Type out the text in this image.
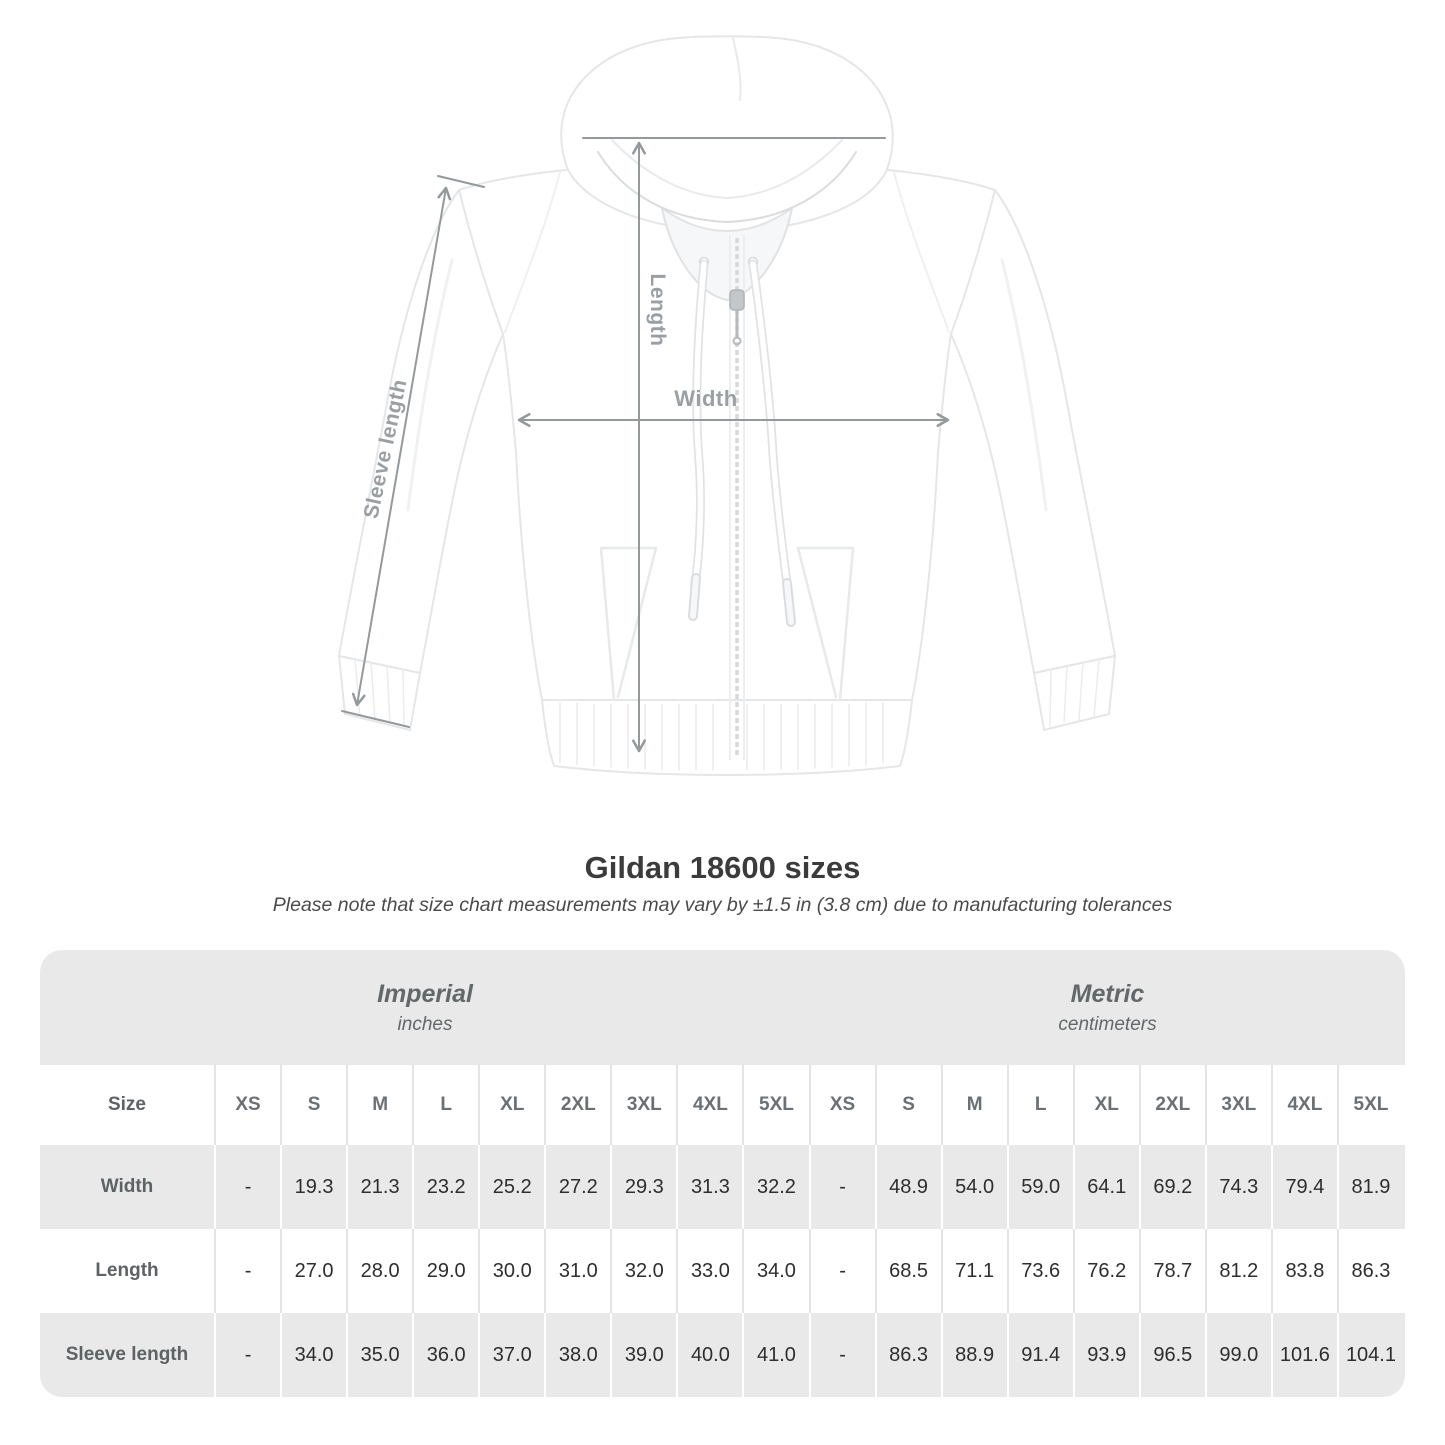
Length
Width
Sleeve length
Gildan 18600 sizes

Please note that size chart measurements may vary by ±1.5 in (3.8 cm) due to manufacturing tolerances

Imperial
inches
Metric
centimeters
Size	XS	S	M	L	XL	2XL	3XL	4XL	5XL	XS	S	M	L	XL	2XL	3XL	4XL	5XL
Width	-	19.3	21.3	23.2	25.2	27.2	29.3	31.3	32.2	-	48.9	54.0	59.0	64.1	69.2	74.3	79.4	81.9
Length	-	27.0	28.0	29.0	30.0	31.0	32.0	33.0	34.0	-	68.5	71.1	73.6	76.2	78.7	81.2	83.8	86.3
Sleeve length	-	34.0	35.0	36.0	37.0	38.0	39.0	40.0	41.0	-	86.3	88.9	91.4	93.9	96.5	99.0	101.6 104.1
